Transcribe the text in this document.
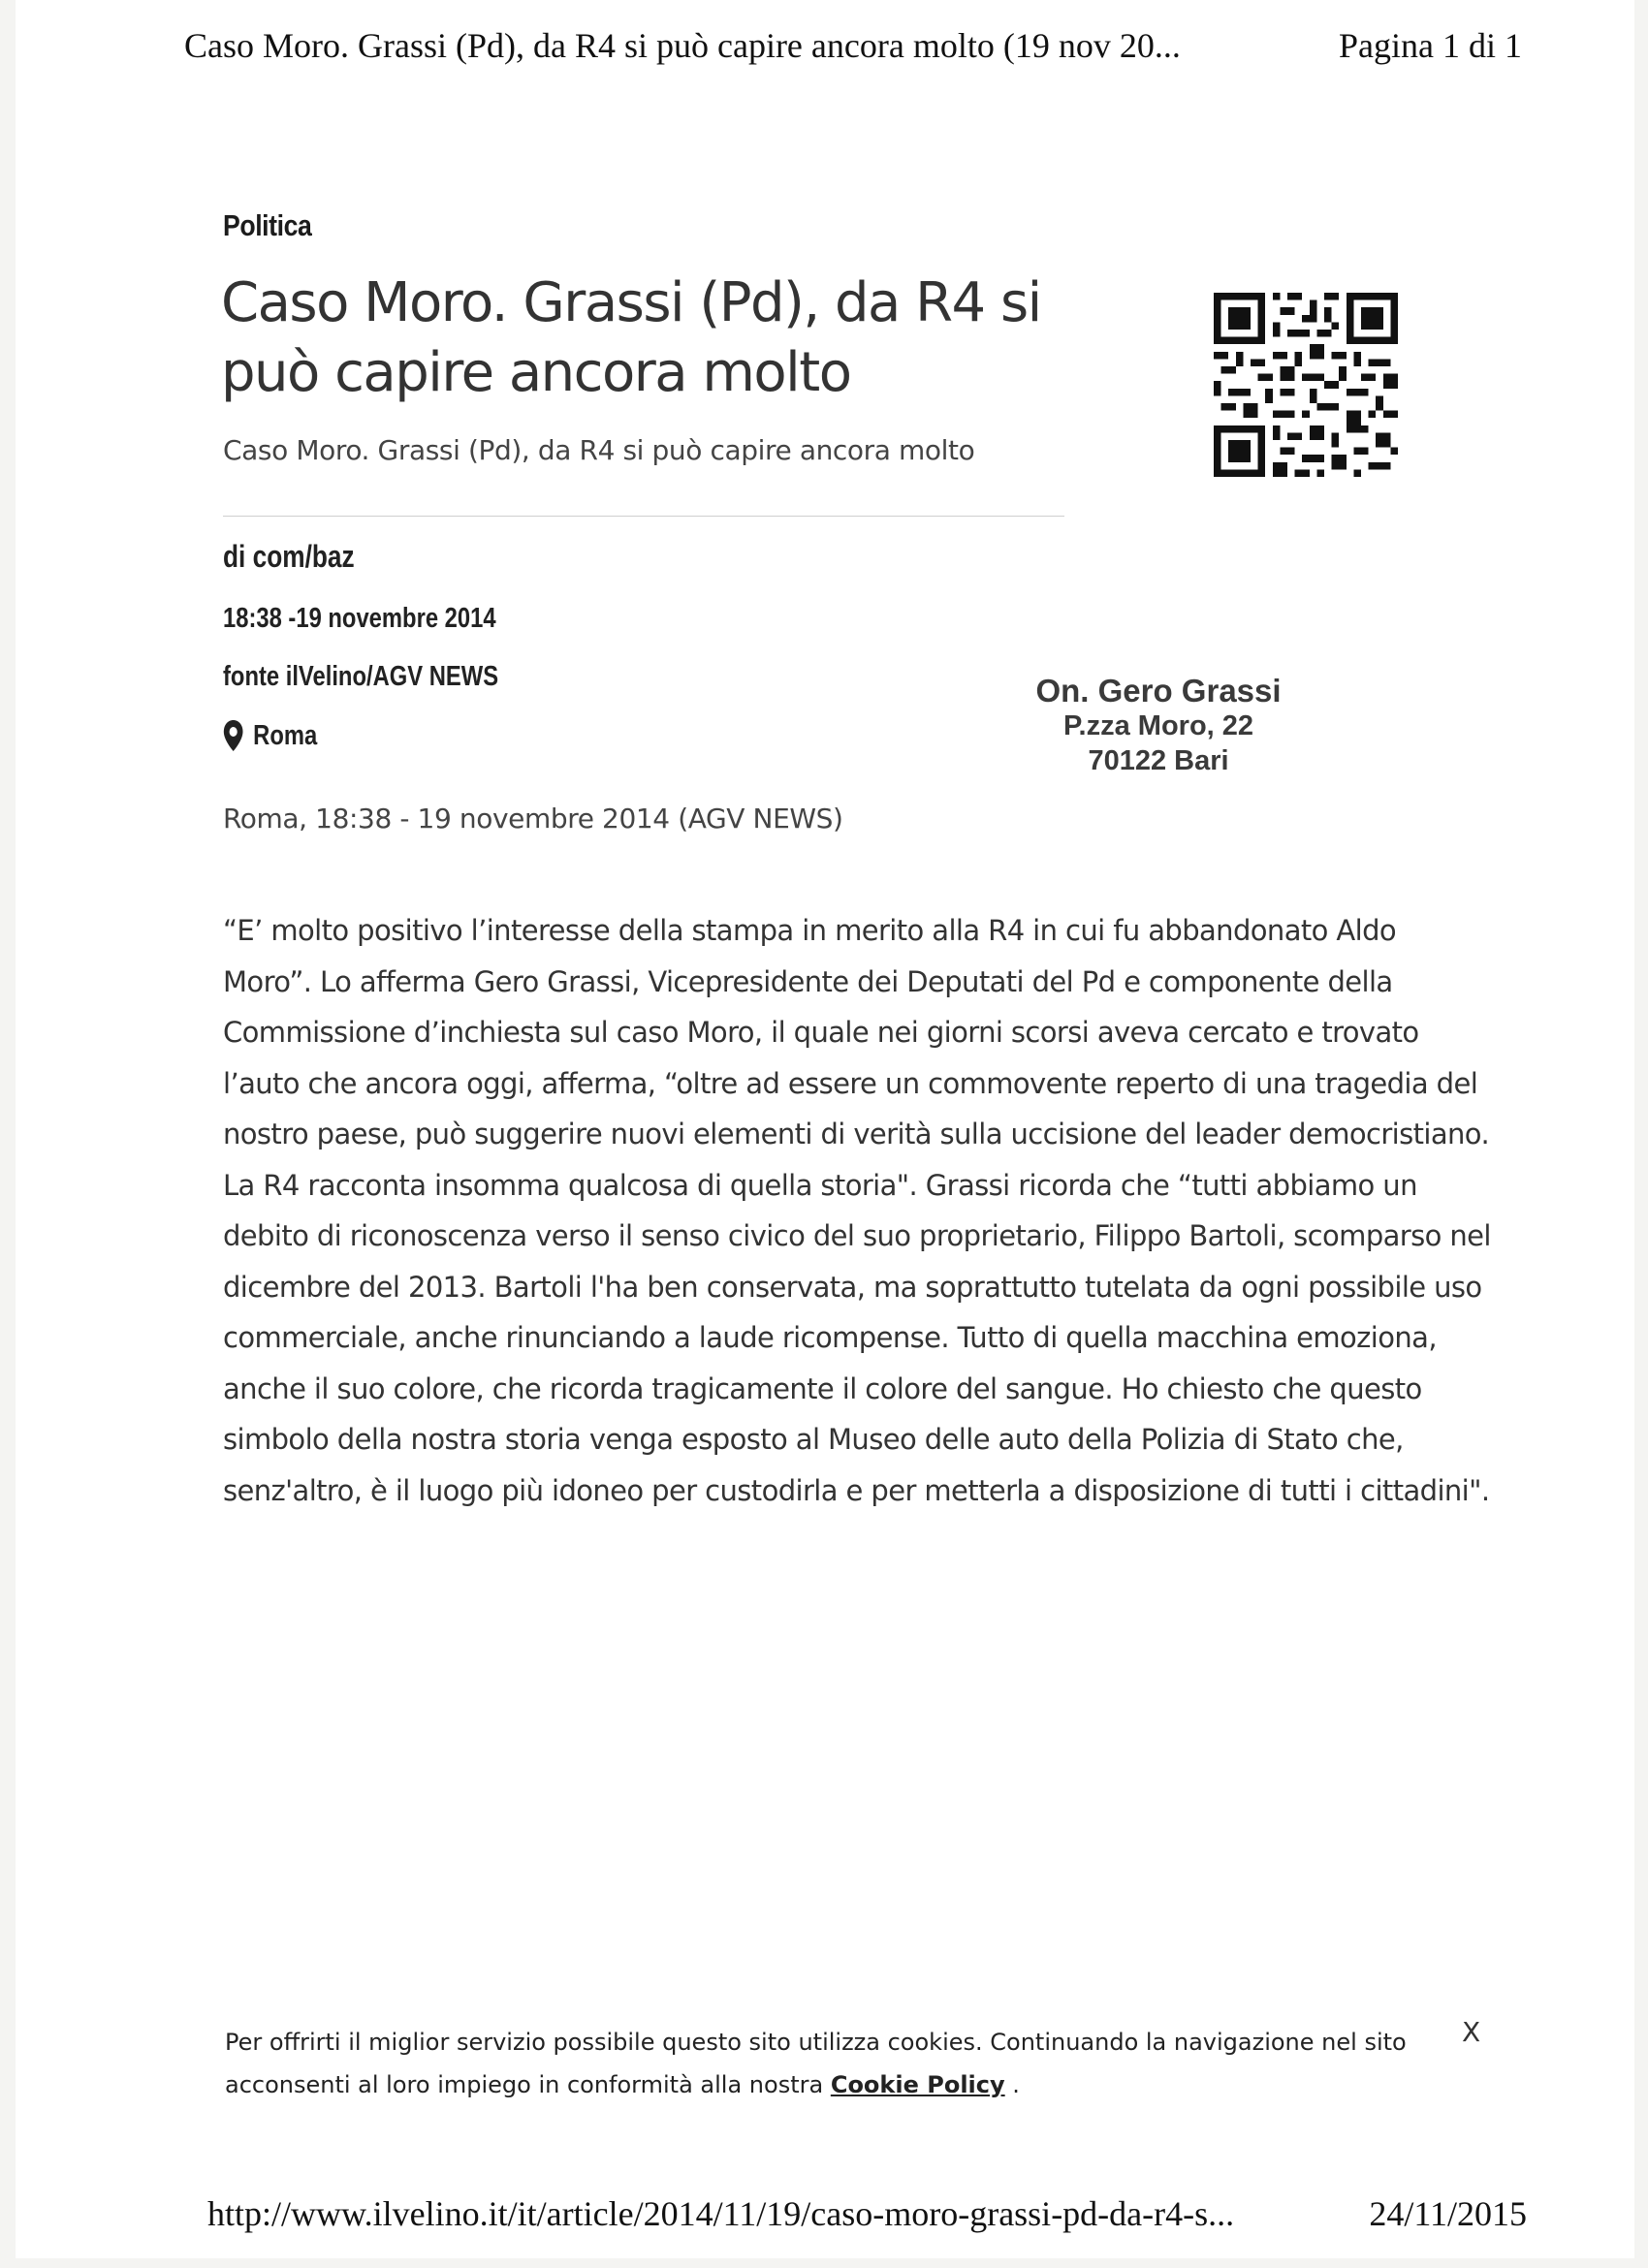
Caso Moro. Grassi (Pd), da R4 si può capire ancora molto (19 nov 20...	Pagina 1 di 1
Politica
Caso Moro. Grassi (Pd), da R4 si può capire ancora molto
Caso Moro. Grassi (Pd), da R4 si può capire ancora molto
di com/baz
18:38 -19 novembre 2014
fonte ilVelino/AGV NEWS
Roma
On. Gero Grassi
P.zza Moro, 22
70122 Bari
Roma, 18:38 - 19 novembre 2014 (AGV NEWS)

“E’ molto positivo l’interesse della stampa in merito alla R4 in cui fu abbandonato Aldo Moro”. Lo afferma Gero Grassi, Vicepresidente dei Deputati del Pd e componente della Commissione d’inchiesta sul caso Moro, il quale nei giorni scorsi aveva cercato e trovato l’auto che ancora oggi, afferma, “oltre ad essere un commovente reperto di una tragedia del nostro paese, può suggerire nuovi elementi di verità sulla uccisione del leader democristiano. La R4 racconta insomma qualcosa di quella storia". Grassi ricorda che “tutti abbiamo un debito di riconoscenza verso il senso civico del suo proprietario, Filippo Bartoli, scomparso nel dicembre del 2013. Bartoli l'ha ben conservata, ma soprattutto tutelata da ogni possibile uso commerciale, anche rinunciando a laude ricompense. Tutto di quella macchina emoziona, anche il suo colore, che ricorda tragicamente il colore del sangue. Ho chiesto che questo simbolo della nostra storia venga esposto al Museo delle auto della Polizia di Stato che, senz'altro, è il luogo più idoneo per custodirla e per metterla a disposizione di tutti i cittadini".

Per offrirti il miglior servizio possibile questo sito utilizza cookies. Continuando la navigazione nel sito acconsenti al loro impiego in conformità alla nostra Cookie Policy .
X
http://www.ilvelino.it/it/article/2014/11/19/caso-moro-grassi-pd-da-r4-s...	24/11/2015
